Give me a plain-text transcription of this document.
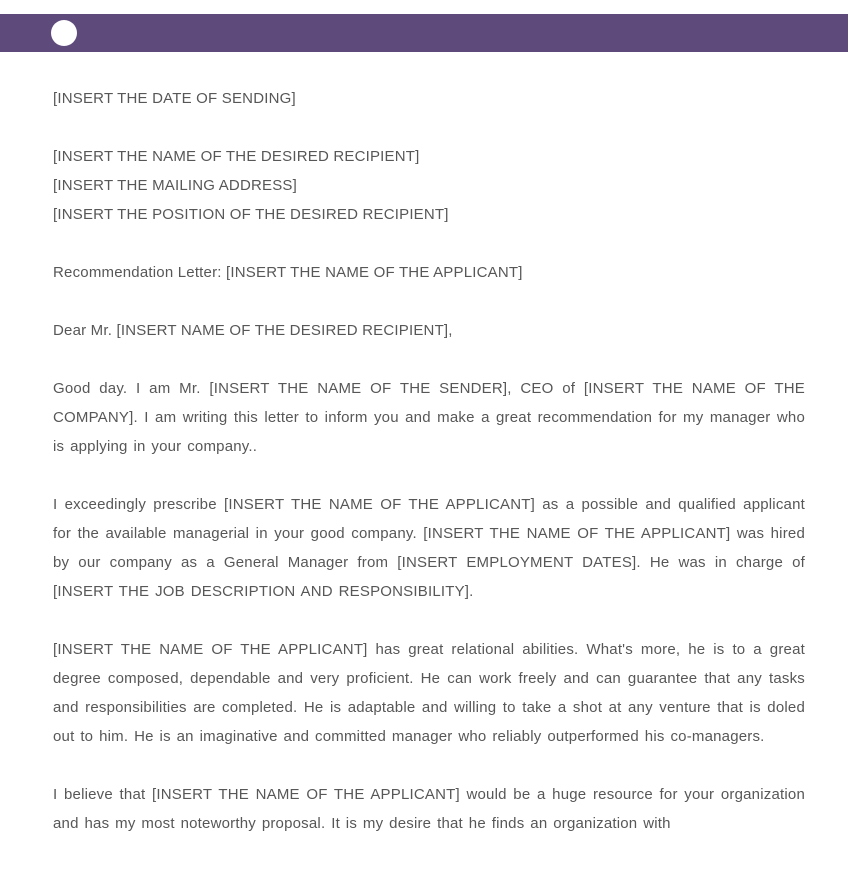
[INSERT THE DATE OF SENDING]
[INSERT THE NAME OF THE DESIRED RECIPIENT]
[INSERT THE MAILING ADDRESS]
[INSERT THE POSITION OF THE DESIRED RECIPIENT]
Recommendation Letter: [INSERT THE NAME OF THE APPLICANT]
Dear Mr. [INSERT NAME OF THE DESIRED RECIPIENT],

Good day. I am Mr. [INSERT THE NAME OF THE SENDER], CEO of [INSERT THE NAME OF THE COMPANY]. I am writing this letter to inform you and make a great recommendation for my manager who is applying in your company..

I exceedingly prescribe [INSERT THE NAME OF THE APPLICANT] as a possible and qualified applicant for the available managerial in your good company. [INSERT THE NAME OF THE APPLICANT] was hired by our company as a General Manager from [INSERT EMPLOYMENT DATES]. He was in charge of [INSERT THE JOB DESCRIPTION AND RESPONSIBILITY].

[INSERT THE NAME OF THE APPLICANT] has great relational abilities. What's more, he is to a great degree composed, dependable and very proficient. He can work freely and can guarantee that any tasks and responsibilities are completed. He is adaptable and willing to take a shot at any venture that is doled out to him. He is an imaginative and committed manager who reliably outperformed his co-managers.

I believe that [INSERT THE NAME OF THE APPLICANT] would be a huge resource for your organization and has my most noteworthy proposal. It is my desire that he finds an organization with
